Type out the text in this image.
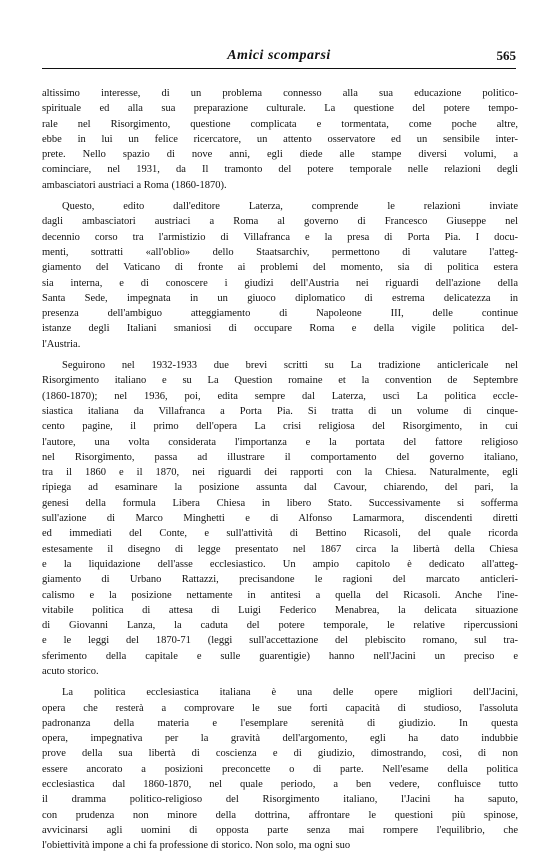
Amici scomparsi	565
altissimo interesse, di un problema connesso alla sua educazione politico-
spirituale ed alla sua preparazione culturale. La questione del potere tempo-
rale nel Risorgimento, questione complicata e tormentata, come poche altre,
ebbe in lui un felice ricercatore, un attento osservatore ed un sensibile inter-
prete. Nello spazio di nove anni, egli diede alle stampe diversi volumi, a
cominciare, nel 1931, da Il tramonto del potere temporale nelle relazioni degli
ambasciatori austriaci a Roma (1860-1870).
Questo, edito dall'editore Laterza, comprende le relazioni inviate
dagli ambasciatori austriaci a Roma al governo di Francesco Giuseppe nel
decennio corso tra l'armistizio di Villafranca e la presa di Porta Pia. I docu-
menti, sottratti «all'oblio» dello Staatsarchiv, permettono di valutare l'atteg-
giamento del Vaticano di fronte ai problemi del momento, sia di politica estera
sia interna, e di conoscere i giudizi dell'Austria nei riguardi dell'azione della
Santa Sede, impegnata in un giuoco diplomatico di estrema delicatezza in
presenza dell'ambiguo atteggiamento di Napoleone III, delle continue
istanze degli Italiani smaniosi di occupare Roma e della vigile politica del-
l'Austria.
Seguirono nel 1932-1933 due brevi scritti su La tradizione anticlericale nel
Risorgimento italiano e su La Question romaine et la convention de Septembre
(1860-1870); nel 1936, poi, edita sempre dal Laterza, uscì La politica eccle-
siastica italiana da Villafranca a Porta Pia. Si tratta di un volume di cinque-
cento pagine, il primo dell'opera La crisi religiosa del Risorgimento, in cui
l'autore, una volta considerata l'importanza e la portata del fattore religioso
nel Risorgimento, passa ad illustrare il comportamento del governo italiano,
tra il 1860 e il 1870, nei riguardi dei rapporti con la Chiesa. Naturalmente, egli
ripiega ad esaminare la posizione assunta dal Cavour, chiarendo, del pari, la
genesi della formula Libera Chiesa in libero Stato. Successivamente si sofferma
sull'azione di Marco Minghetti e di Alfonso Lamarmora, discendenti diretti
ed immediati del Conte, e sull'attività di Bettino Ricasoli, del quale ricorda
estesamente il disegno di legge presentato nel 1867 circa la libertà della Chiesa
e la liquidazione dell'asse ecclesiastico. Un ampio capitolo è dedicato all'atteg-
giamento di Urbano Rattazzi, precisandone le ragioni del marcato anticleri-
calismo e la posizione nettamente in antitesi a quella del Ricasoli. Anche l'ine-
vitabile politica di attesa di Luigi Federico Menabrea, la delicata situazione
di Giovanni Lanza, la caduta del potere temporale, le relative ripercussioni
e le leggi del 1870-71 (leggi sull'accettazione del plebiscito romano, sul tra-
sferimento della capitale e sulle guarentigie) hanno nell'Jacini un preciso e
acuto storico.
La politica ecclesiastica italiana è una delle opere migliori dell'Jacini,
opera che resterà a comprovare le sue forti capacità di studioso, l'assoluta
padronanza della materia e l'esemplare serenità di giudizio. In questa
opera, impegnativa per la gravità dell'argomento, egli ha dato indubbie
prove della sua libertà di coscienza e di giudizio, dimostrando, così, di non
essere ancorato a posizioni preconcette o di parte. Nell'esame della politica
ecclesiastica dal 1860-1870, nel quale periodo, a ben vedere, confluisce tutto
il dramma politico-religioso del Risorgimento italiano, l'Jacini ha saputo,
con prudenza non minore della dottrina, affrontare le questioni più spinose,
avvicinarsi agli uomini di opposta parte senza mai rompere l'equilibrio, che
l'obiettività impone a chi fa professione di storico. Non solo, ma ogni suo
